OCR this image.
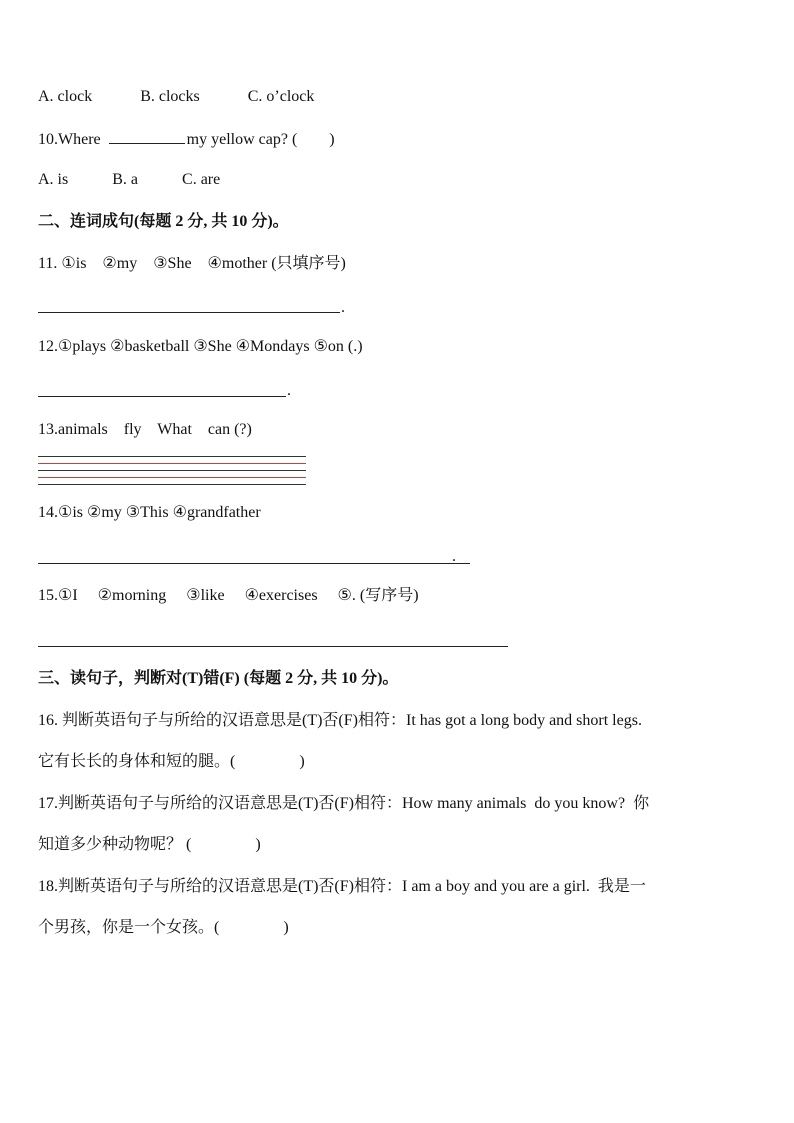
A. clock	B. clocks	C. o’clock
10.Where	my yellow cap? ( )
A. is	B. a	C. are
二、连词成句(每题 2 分, 共 10 分)。
11. ①is    ②my    ③She    ④mother (只填序号)
.
12.①plays ②basketball ③She ④Mondays ⑤on (.)
.
13.animals    fly    What    can (?)
14.①is ②my ③This ④grandfather
.
15.①I     ②morning     ③like     ④exercises     ⑤. (写序号)
三、读句子，判断对(T)错(F) (每题 2 分, 共 10 分)。
16. 判断英语句子与所给的汉语意思是(T)否(F)相符：It has got a long body and short legs.
它有长长的身体和短的腿。(                )
17.判断英语句子与所给的汉语意思是(T)否(F)相符：How many animals  do you know?  你
知道多少种动物呢？ (                )
18.判断英语句子与所给的汉语意思是(T)否(F)相符：I am a boy and you are a girl.  我是一
个男孩，你是一个女孩。(                )
